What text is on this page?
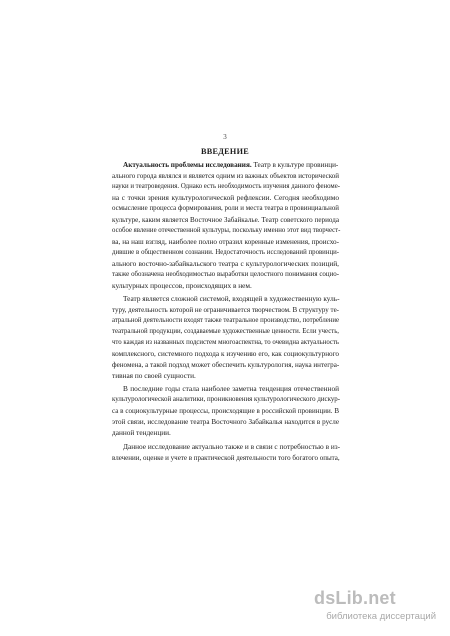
3
ВВЕДЕНИЕ
Актуальность проблемы исследования. Театр в культуре провинци-
ального города являлся и является одним из важных объектов исторической
науки и театроведения. Однако есть необходимость изучения данного феноме-
на с точки зрения культурологической рефлексии. Сегодня необходимо
осмысление процесса формирования, роли и места театра в провинциальной
культуре, каким является Восточное Забайкалье. Театр советского периода
особое явление отечественной культуры, поскольку именно этот вид творчест-
ва, на наш взгляд, наиболее полно отразил коренные изменения, происхо-
дившие в общественном сознании. Недостаточность исследований провинци-
ального восточно-забайкальского театра с культурологических позиций,
также обозначена необходимостью выработки целостного понимания социо-
культурных процессов, происходящих в нем.
Театр является сложной системой, входящей в художественную куль-
туру, деятельность которой не ограничивается творчеством. В структуру те-
атральной деятельности входят также театральное производство, потребление
театральной продукции, создаваемые художественные ценности. Если учесть,
что каждая из названных подсистем многоаспектна, то очевидна актуальность
комплексного, системного подхода к изучению его, как социокультурного
феномена, а такой подход может обеспечить культурология, наука интегра-
тивная по своей сущности.
В последние годы стала наиболее заметна тенденция отечественной
культурологической аналитики, проникновения культурологического дискур-
са в социокультурные процессы, происходящие в российской провинции. В
этой связи, исследование театра Восточного Забайкалья находится в русле
данной тенденции.
Данное исследование актуально также и в связи с потребностью в из-
влечении, оценке и учете в практической деятельности того богатого опыта,
dsLib.net
библиотека диссертаций
